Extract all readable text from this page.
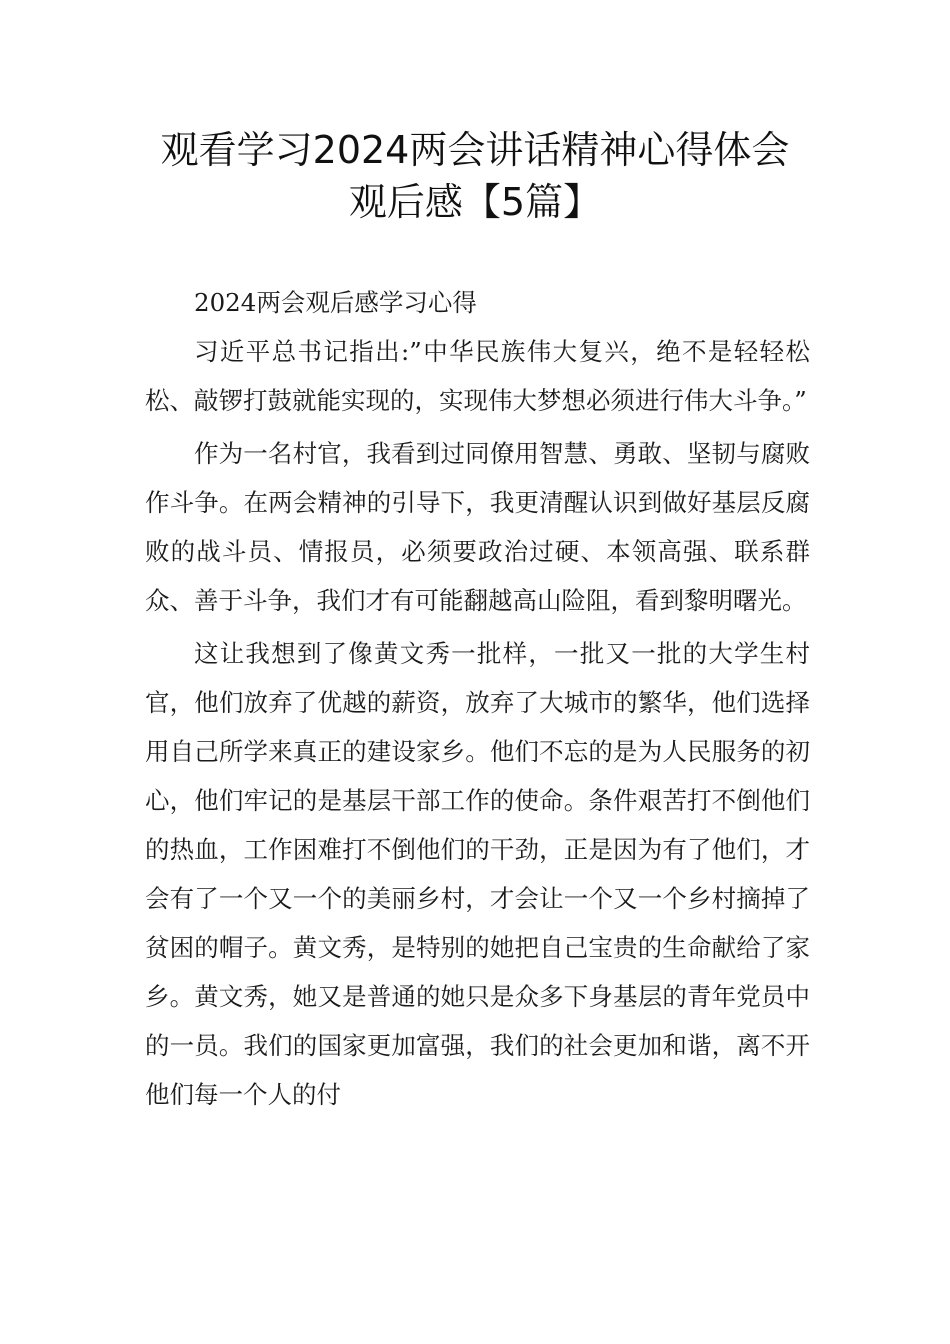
观看学习2024两会讲话精神心得体会
观后感【5篇】

2024两会观后感学习心得

习近平总书记指出:”中华民族伟大复兴，绝不是轻轻松松、敲锣打鼓就能实现的，实现伟大梦想必须进行伟大斗争。”

作为一名村官，我看到过同僚用智慧、勇敢、坚韧与腐败作斗争。在两会精神的引导下，我更清醒认识到做好基层反腐败的战斗员、情报员，必须要政治过硬、本领高强、联系群众、善于斗争，我们才有可能翻越高山险阻，看到黎明曙光。

这让我想到了像黄文秀一批样，一批又一批的大学生村官，他们放弃了优越的薪资，放弃了大城市的繁华，他们选择用自己所学来真正的建设家乡。他们不忘的是为人民服务的初心，他们牢记的是基层干部工作的使命。条件艰苦打不倒他们的热血，工作困难打不倒他们的干劲，正是因为有了他们，才会有了一个又一个的美丽乡村，才会让一个又一个乡村摘掉了贫困的帽子。黄文秀，是特别的她把自己宝贵的生命献给了家乡。黄文秀，她又是普通的她只是众多下身基层的青年党员中的一员。我们的国家更加富强，我们的社会更加和谐，离不开他们每一个人的付
